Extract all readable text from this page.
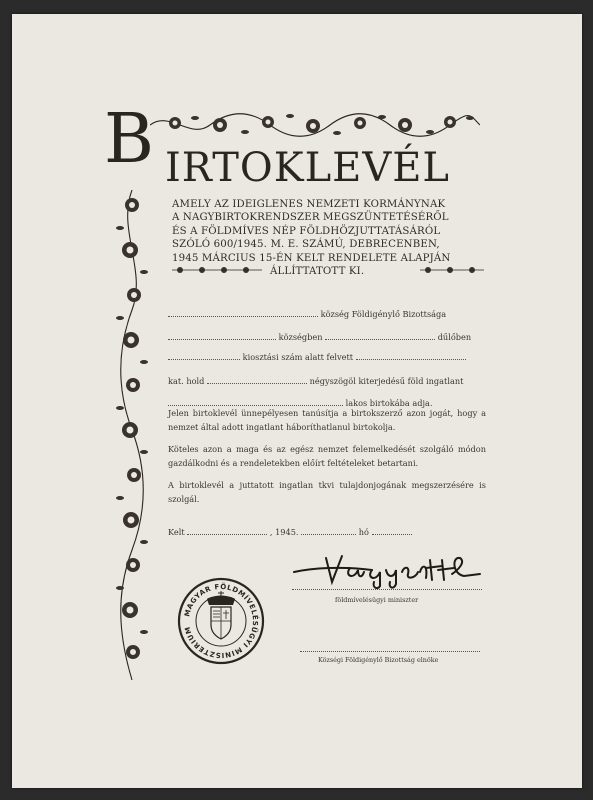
B IRTOKLEVÉL
AMELY AZ IDEIGLENES NEMZETI KORMÁNYNAK
A NAGYBIRTOKRENDSZER MEGSZÜNTETÉSÉRŐL
ÉS A FÖLDMÍVES NÉP FÖLDHÖZJUTTATÁSÁRÓL
SZÓLÓ 600/1945. M. E. SZÁMÚ, DEBRECENBEN,
1945 MÁRCIUS 15-ÉN KELT RENDELETE ALAPJÁN
ÁLLÍTTATOTT KI.
község Földigénylő Bizottsága
községben	dűlőben
kiosztási szám alatt felvett
kat. hold	négyszögöl kiterjedésű föld ingatlant
lakos birtokába adja.
Jelen birtoklevél ünnepélyesen tanúsítja a birtokszerző azon jogát, hogy a nemzet által adott ingatlant háboríthatlanul birtokolja.
Köteles azon a maga és az egész nemzet felemelkedését szolgáló módon gazdálkodni és a rendeletekben előírt feltételeket betartani.
A birtoklevél a juttatott ingatlan tkvi tulajdonjogának megszerzésére is szolgál.
Kelt	, 1945.	hó
földmívelésügyi miniszter
Községi Földigénylő Bizottság elnöke
MAGYAR FÖLDMÍVELÉSÜGYI MINISZTERIUM
